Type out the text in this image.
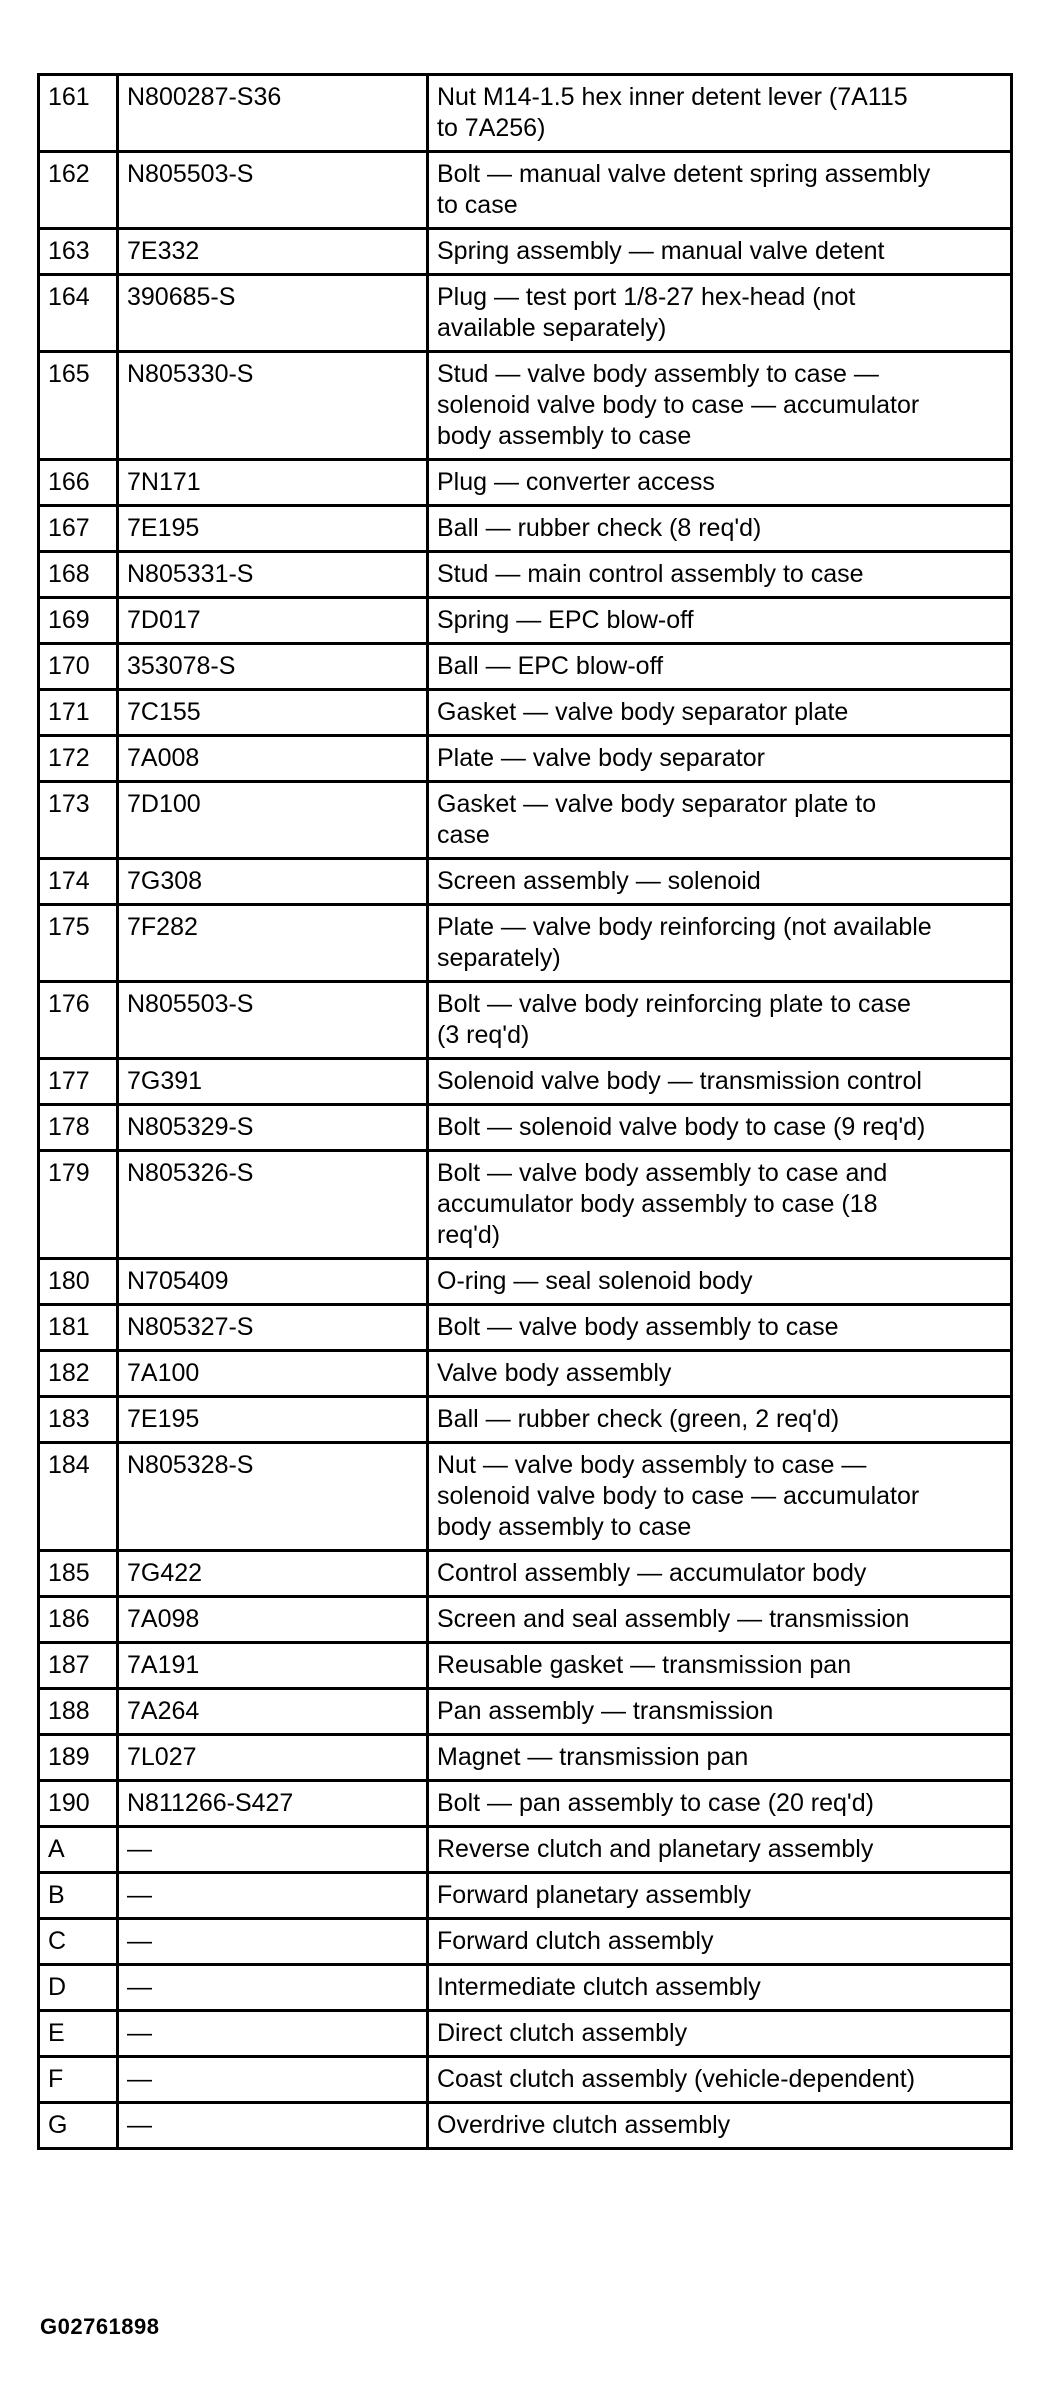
161	N800287-S36	Nut M14-1.5 hex inner detent lever (7A115
to 7A256)
162	N805503-S	Bolt — manual valve detent spring assembly
to case
163	7E332	Spring assembly — manual valve detent
164	390685-S	Plug — test port 1/8-27 hex-head (not
available separately)
165	N805330-S	Stud — valve body assembly to case —
solenoid valve body to case — accumulator
body assembly to case
166	7N171	Plug — converter access
167	7E195	Ball — rubber check (8 req'd)
168	N805331-S	Stud — main control assembly to case
169	7D017	Spring — EPC blow-off
170	353078-S	Ball — EPC blow-off
171	7C155	Gasket — valve body separator plate
172	7A008	Plate — valve body separator
173	7D100	Gasket — valve body separator plate to
case
174	7G308	Screen assembly — solenoid
175	7F282	Plate — valve body reinforcing (not available
separately)
176	N805503-S	Bolt — valve body reinforcing plate to case
(3 req'd)
177	7G391	Solenoid valve body — transmission control
178	N805329-S	Bolt — solenoid valve body to case (9 req'd)
179	N805326-S	Bolt — valve body assembly to case and
accumulator body assembly to case (18
req'd)
180	N705409	O-ring — seal solenoid body
181	N805327-S	Bolt — valve body assembly to case
182	7A100	Valve body assembly
183	7E195	Ball — rubber check (green, 2 req'd)
184	N805328-S	Nut — valve body assembly to case —
solenoid valve body to case — accumulator
body assembly to case
185	7G422	Control assembly — accumulator body
186	7A098	Screen and seal assembly — transmission
187	7A191	Reusable gasket — transmission pan
188	7A264	Pan assembly — transmission
189	7L027	Magnet — transmission pan
190	N811266-S427	Bolt — pan assembly to case (20 req'd)
A	—	Reverse clutch and planetary assembly
B	—	Forward planetary assembly
C	—	Forward clutch assembly
D	—	Intermediate clutch assembly
E	—	Direct clutch assembly
F	—	Coast clutch assembly (vehicle-dependent)
G	—	Overdrive clutch assembly
G02761898
